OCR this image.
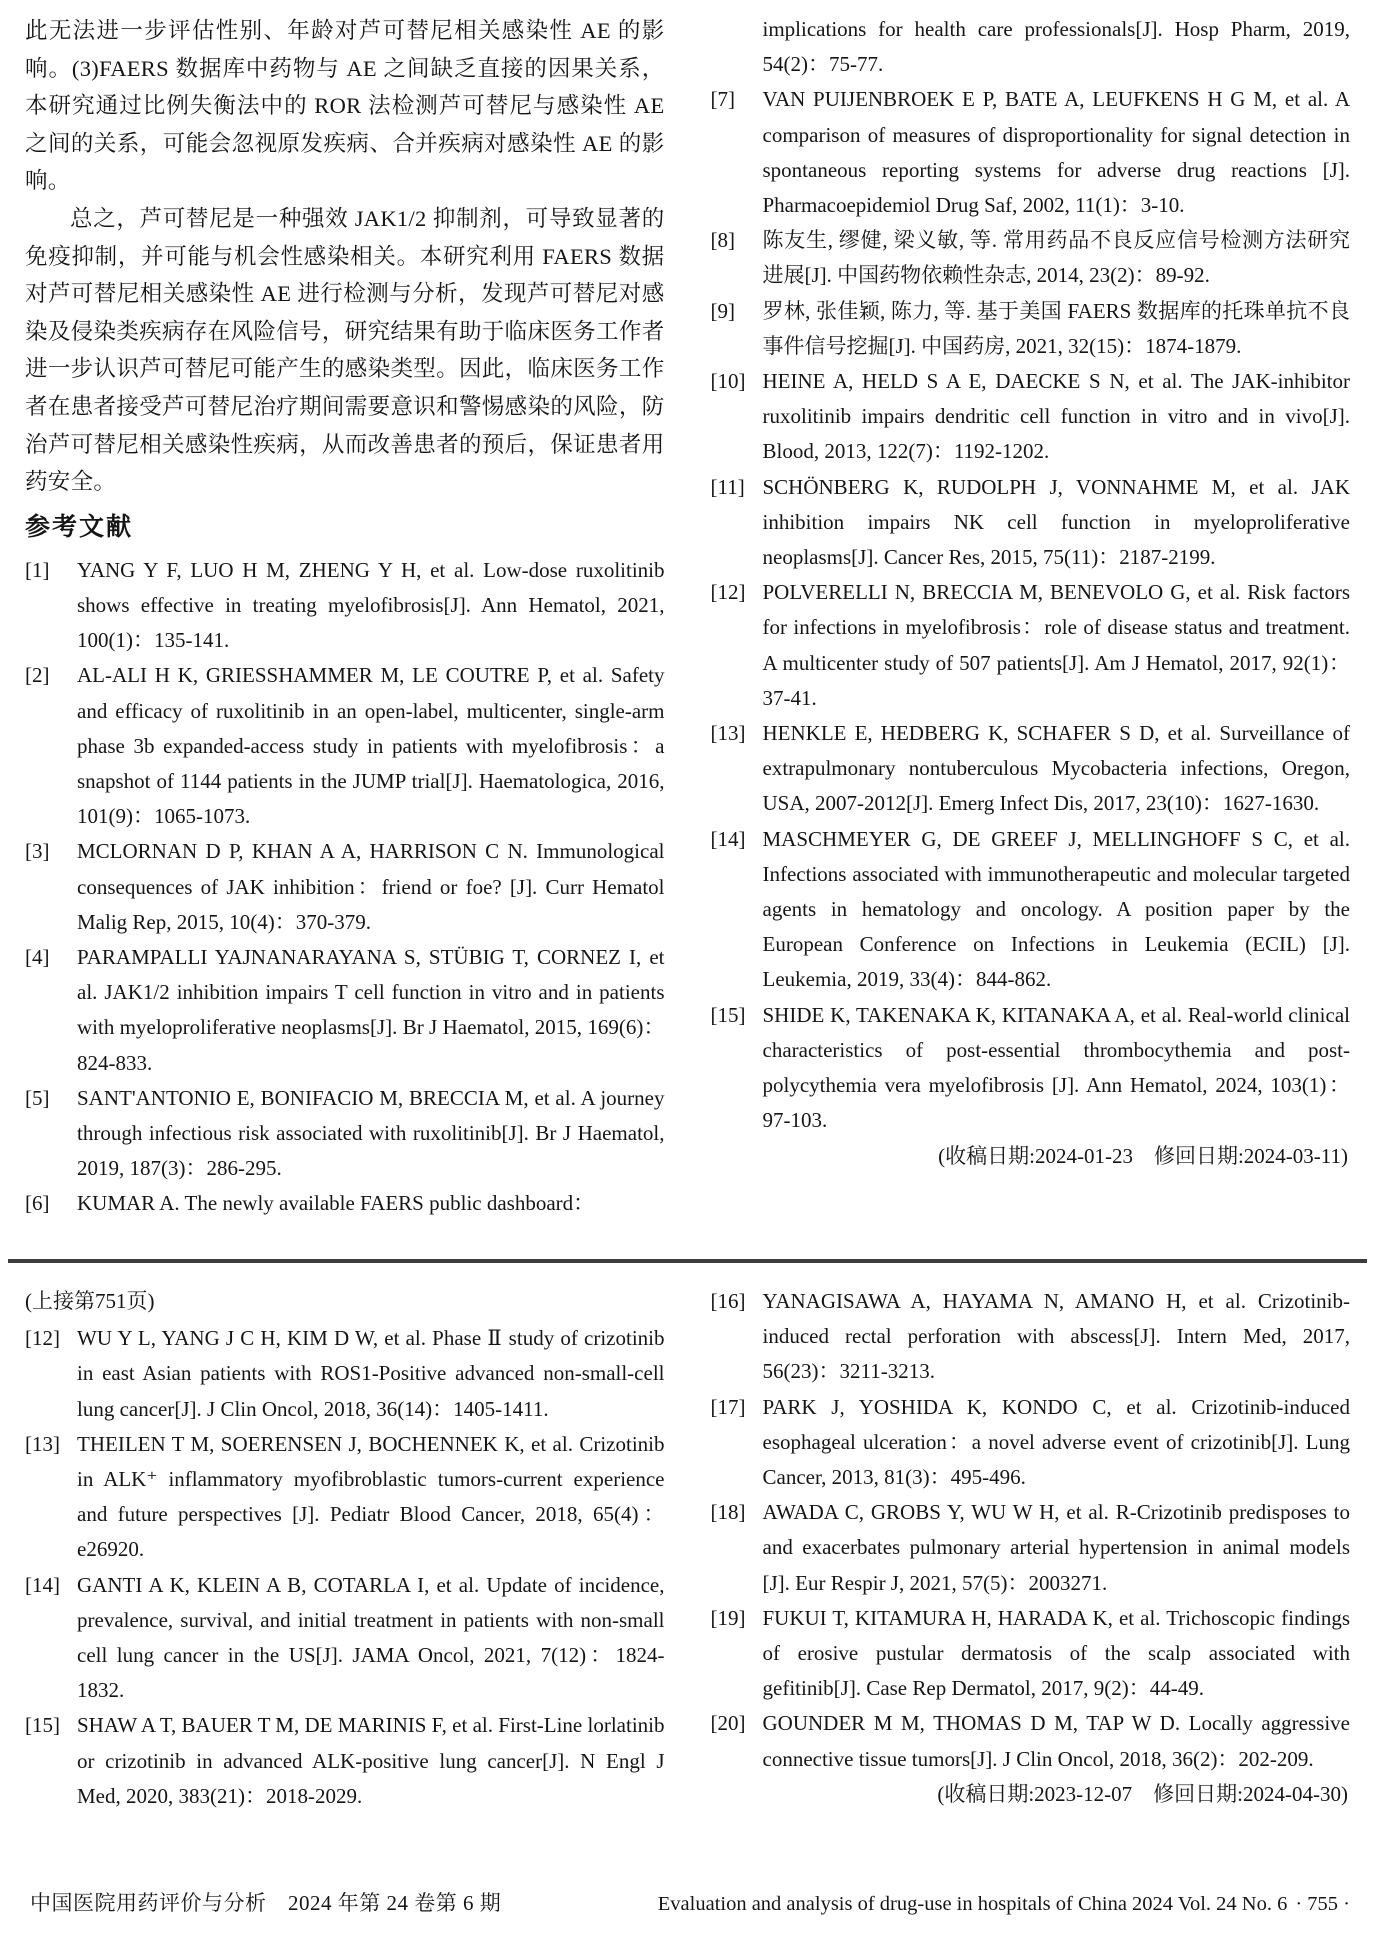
此无法进一步评估性别、年龄对芦可替尼相关感染性 AE 的影响。(3)FAERS 数据库中药物与 AE 之间缺乏直接的因果关系，本研究通过比例失衡法中的 ROR 法检测芦可替尼与感染性 AE 之间的关系，可能会忽视原发疾病、合并疾病对感染性 AE 的影响。

总之，芦可替尼是一种强效 JAK1/2 抑制剂，可导致显著的免疫抑制，并可能与机会性感染相关。本研究利用 FAERS 数据对芦可替尼相关感染性 AE 进行检测与分析，发现芦可替尼对感染及侵染类疾病存在风险信号，研究结果有助于临床医务工作者进一步认识芦可替尼可能产生的感染类型。因此，临床医务工作者在患者接受芦可替尼治疗期间需要意识和警惕感染的风险，防治芦可替尼相关感染性疾病，从而改善患者的预后，保证患者用药安全。

参考文献
[1]	YANG Y F, LUO H M, ZHENG Y H, et al. Low-dose ruxolitinib shows effective in treating myelofibrosis[J]. Ann Hematol, 2021, 100(1)：135-141.
[2]	AL-ALI H K, GRIESSHAMMER M, LE COUTRE P, et al. Safety and efficacy of ruxolitinib in an open-label, multicenter, single-arm phase 3b expanded-access study in patients with myelofibrosis：a snapshot of 1144 patients in the JUMP trial[J]. Haematologica, 2016, 101(9)：1065-1073.
[3]	MCLORNAN D P, KHAN A A, HARRISON C N. Immunological consequences of JAK inhibition：friend or foe? [J]. Curr Hematol Malig Rep, 2015, 10(4)：370-379.
[4]	PARAMPALLI YAJNANARAYANA S, STÜBIG T, CORNEZ I, et al. JAK1/2 inhibition impairs T cell function in vitro and in patients with myeloproliferative neoplasms[J]. Br J Haematol, 2015, 169(6)：824-833.
[5]	SANT'ANTONIO E, BONIFACIO M, BRECCIA M, et al. A journey through infectious risk associated with ruxolitinib[J]. Br J Haematol, 2019, 187(3)：286-295.
[6]	KUMAR A. The newly available FAERS public dashboard：
implications for health care professionals[J]. Hosp Pharm, 2019, 54(2)：75-77.
[7]	VAN PUIJENBROEK E P, BATE A, LEUFKENS H G M, et al. A comparison of measures of disproportionality for signal detection in spontaneous reporting systems for adverse drug reactions [J]. Pharmacoepidemiol Drug Saf, 2002, 11(1)：3-10.
[8]	陈友生, 缪健, 梁义敏, 等. 常用药品不良反应信号检测方法研究进展[J]. 中国药物依赖性杂志, 2014, 23(2)：89-92.
[9]	罗林, 张佳颖, 陈力, 等. 基于美国 FAERS 数据库的托珠单抗不良事件信号挖掘[J]. 中国药房, 2021, 32(15)：1874-1879.
[10] HEINE A, HELD S A E, DAECKE S N, et al. The JAK-inhibitor ruxolitinib impairs dendritic cell function in vitro and in vivo[J]. Blood, 2013, 122(7)：1192-1202.
[11] SCHÖNBERG K, RUDOLPH J, VONNAHME M, et al. JAK inhibition impairs NK cell function in myeloproliferative neoplasms[J]. Cancer Res, 2015, 75(11)：2187-2199.
[12] POLVERELLI N, BRECCIA M, BENEVOLO G, et al. Risk factors for infections in myelofibrosis：role of disease status and treatment. A multicenter study of 507 patients[J]. Am J Hematol, 2017, 92(1)：37-41.
[13] HENKLE E, HEDBERG K, SCHAFER S D, et al. Surveillance of extrapulmonary nontuberculous Mycobacteria infections, Oregon, USA, 2007-2012[J]. Emerg Infect Dis, 2017, 23(10)：1627-1630.
[14] MASCHMEYER G, DE GREEF J, MELLINGHOFF S C, et al. Infections associated with immunotherapeutic and molecular targeted agents in hematology and oncology. A position paper by the European Conference on Infections in Leukemia (ECIL) [J]. Leukemia, 2019, 33(4)：844-862.
[15] SHIDE K, TAKENAKA K, KITANAKA A, et al. Real-world clinical characteristics of post-essential thrombocythemia and post-polycythemia vera myelofibrosis [J]. Ann Hematol, 2024, 103(1)：97-103.
(收稿日期:2024-01-23　修回日期:2024-03-11)

(上接第751页)

[12] WU Y L, YANG J C H, KIM D W, et al. Phase Ⅱ study of crizotinib in east Asian patients with ROS1-Positive advanced non-small-cell lung cancer[J]. J Clin Oncol, 2018, 36(14)：1405-1411.
[13] THEILEN T M, SOERENSEN J, BOCHENNEK K, et al. Crizotinib in ALK⁺ inflammatory myofibroblastic tumors-current experience and future perspectives [J]. Pediatr Blood Cancer, 2018, 65(4)：e26920.
[14] GANTI A K, KLEIN A B, COTARLA I, et al. Update of incidence, prevalence, survival, and initial treatment in patients with non-small cell lung cancer in the US[J]. JAMA Oncol, 2021, 7(12)：1824-1832.
[15] SHAW A T, BAUER T M, DE MARINIS F, et al. First-Line lorlatinib or crizotinib in advanced ALK-positive lung cancer[J]. N Engl J Med, 2020, 383(21)：2018-2029.
[16] YANAGISAWA A, HAYAMA N, AMANO H, et al. Crizotinib-induced rectal perforation with abscess[J]. Intern Med, 2017, 56(23)：3211-3213.
[17] PARK J, YOSHIDA K, KONDO C, et al. Crizotinib-induced esophageal ulceration：a novel adverse event of crizotinib[J]. Lung Cancer, 2013, 81(3)：495-496.
[18] AWADA C, GROBS Y, WU W H, et al. R-Crizotinib predisposes to and exacerbates pulmonary arterial hypertension in animal models [J]. Eur Respir J, 2021, 57(5)：2003271.
[19] FUKUI T, KITAMURA H, HARADA K, et al. Trichoscopic findings of erosive pustular dermatosis of the scalp associated with gefitinib[J]. Case Rep Dermatol, 2017, 9(2)：44-49.
[20] GOUNDER M M, THOMAS D M, TAP W D. Locally aggressive connective tissue tumors[J]. J Clin Oncol, 2018, 36(2)：202-209.
(收稿日期:2023-12-07　修回日期:2024-04-30)
中国医院用药评价与分析　2024 年第 24 卷第 6 期	Evaluation and analysis of drug-use in hospitals of China 2024 Vol. 24 No. 6 · 755 ·
